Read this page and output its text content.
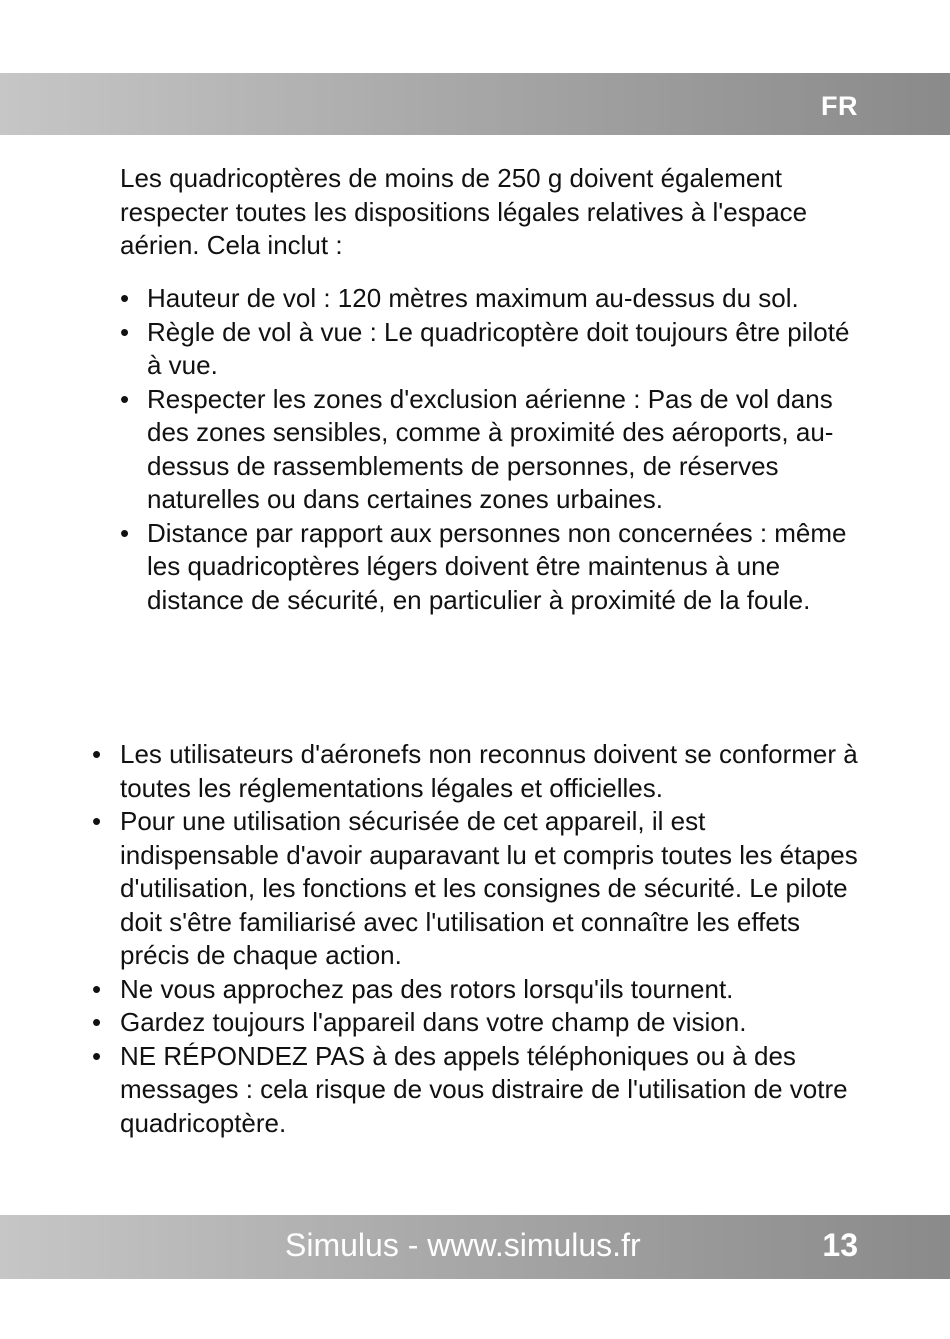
FR

Les quadricoptères de moins de 250 g doivent également respecter toutes les dispositions légales relatives à l'espace aérien. Cela inclut :

• Hauteur de vol : 120 mètres maximum au-dessus du sol.
• Règle de vol à vue : Le quadricoptère doit toujours être piloté à vue.
• Respecter les zones d'exclusion aérienne : Pas de vol dans des zones sensibles, comme à proximité des aéroports, au-dessus de rassemblements de personnes, de réserves naturelles ou dans certaines zones urbaines.
• Distance par rapport aux personnes non concernées : même les quadricoptères légers doivent être maintenus à une distance de sécurité, en particulier à proximité de la foule.
• Les utilisateurs d'aéronefs non reconnus doivent se conformer à toutes les réglementations légales et officielles.
• Pour une utilisation sécurisée de cet appareil, il est indispensable d'avoir auparavant lu et compris toutes les étapes d'utilisation, les fonctions et les consignes de sécurité. Le pilote doit s'être familiarisé avec l'utilisation et connaître les effets précis de chaque action.
• Ne vous approchez pas des rotors lorsqu'ils tournent.
• Gardez toujours l'appareil dans votre champ de vision.
• NE RÉPONDEZ PAS à des appels téléphoniques ou à des messages : cela risque de vous distraire de l'utilisation de votre quadricoptère.
Simulus - www.simulus.fr	13
